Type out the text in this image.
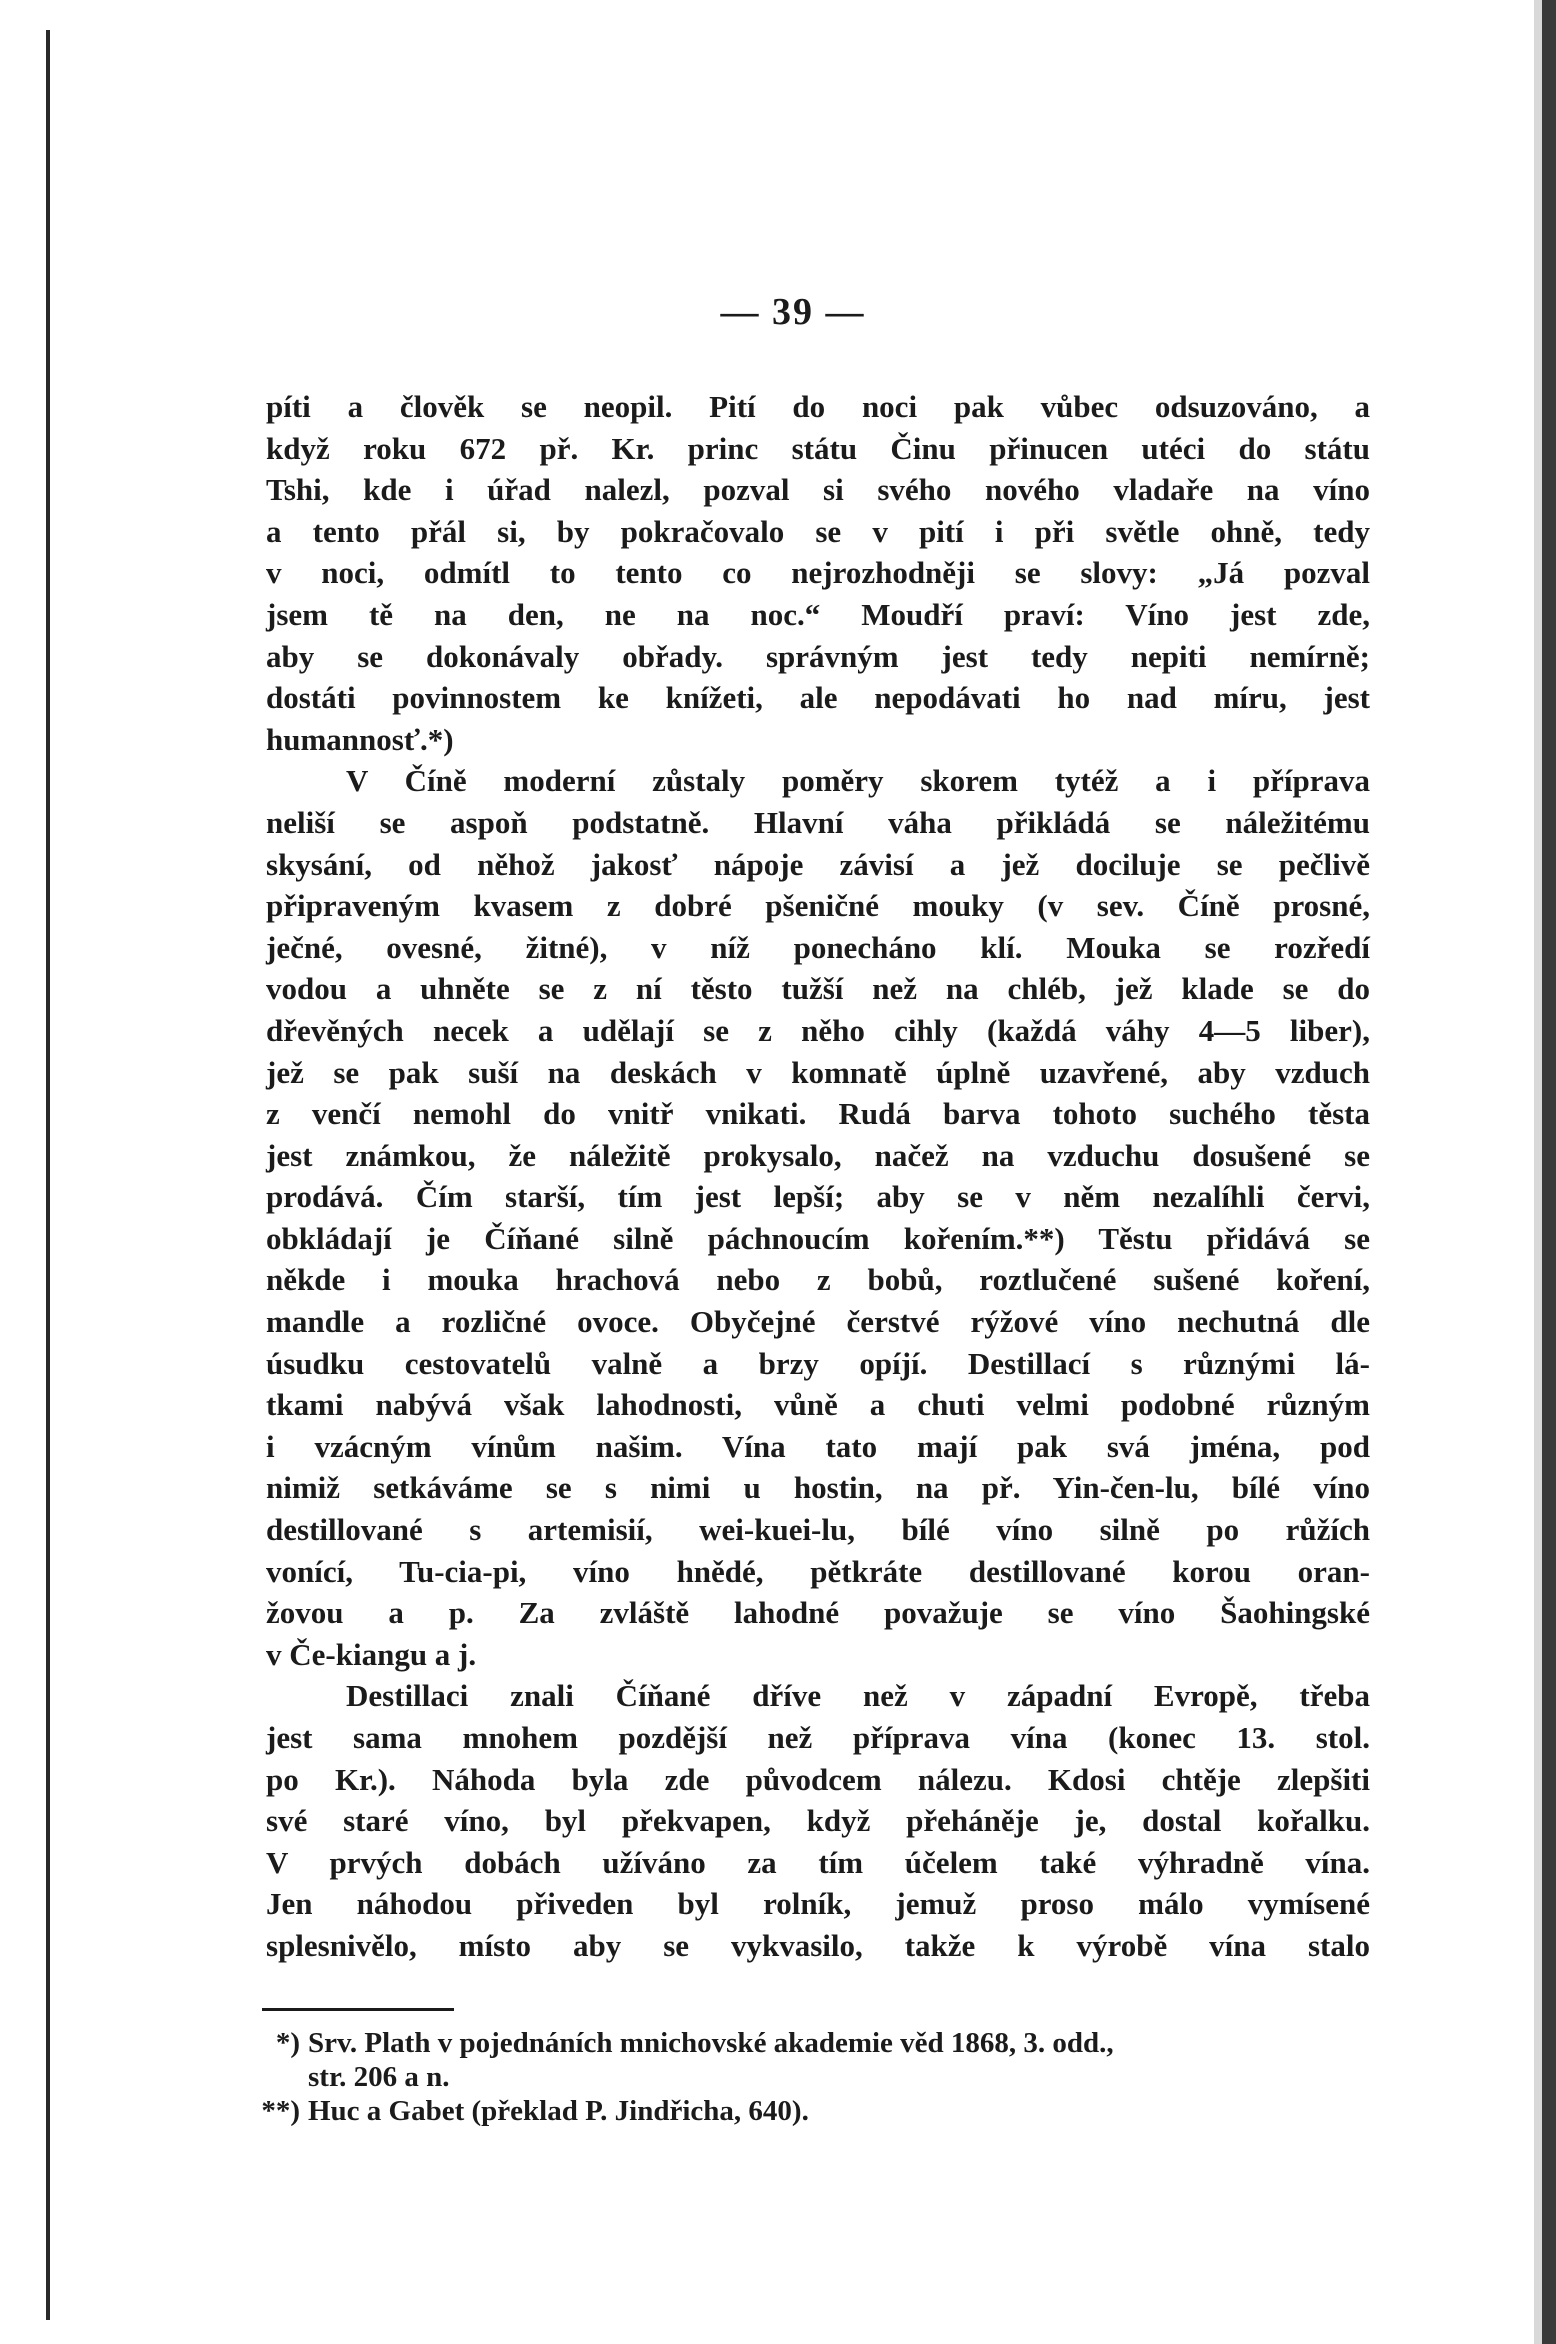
— 39 —
píti a člověk se neopil. Pití do noci pak vůbec odsuzováno, a
když roku 672 př. Kr. princ státu Činu přinucen utéci do státu
Tshi, kde i úřad nalezl, pozval si svého nového vladaře na víno
a tento přál si, by pokračovalo se v pití i při světle ohně, tedy
v noci, odmítl to tento co nejrozhodněji se slovy: „Já pozval
jsem tě na den, ne na noc.“ Moudří praví: Víno jest zde,
aby se dokonávaly obřady. správným jest tedy nepiti nemírně;
dostáti povinnostem ke knížeti, ale nepodávati ho nad míru, jest
humannosť.*)
V Číně moderní zůstaly poměry skorem tytéž a i příprava
neliší se aspoň podstatně. Hlavní váha přikládá se náležitému
skysání, od něhož jakosť nápoje závisí a jež dociluje se pečlivě
připraveným kvasem z dobré pšeničné mouky (v sev. Číně prosné,
ječné, ovesné, žitné), v níž ponecháno klí. Mouka se rozředí
vodou a uhněte se z ní těsto tužší než na chléb, jež klade se do
dřevěných necek a udělají se z něho cihly (každá váhy 4—5 liber),
jež se pak suší na deskách v komnatě úplně uzavřené, aby vzduch
z venčí nemohl do vnitř vnikati. Rudá barva tohoto suchého těsta
jest známkou, že náležitě prokysalo, načež na vzduchu dosušené se
prodává. Čím starší, tím jest lepší; aby se v něm nezalíhli červi,
obkládají je Číňané silně páchnoucím kořením.**) Těstu přidává se
někde i mouka hrachová nebo z bobů, roztlučené sušené koření,
mandle a rozličné ovoce. Obyčejné čerstvé rýžové víno nechutná dle
úsudku cestovatelů valně a brzy opíjí. Destillací s různými lá-
tkami nabývá však lahodnosti, vůně a chuti velmi podobné různým
i vzácným vínům našim. Vína tato mají pak svá jména, pod
nimiž setkáváme se s nimi u hostin, na př. Yin-čen-lu, bílé víno
destillované s artemisií, wei-kuei-lu, bílé víno silně po růžích
vonící, Tu-cia-pi, víno hnědé, pětkráte destillované korou oran-
žovou a p. Za zvláště lahodné považuje se víno Šaohingské
v Če-kiangu a j.
Destillaci znali Číňané dříve než v západní Evropě, třeba
jest sama mnohem pozdější než příprava vína (konec 13. stol.
po Kr.). Náhoda byla zde původcem nálezu. Kdosi chtěje zlepšiti
své staré víno, byl překvapen, když přeháněje je, dostal kořalku.
V prvých dobách užíváno za tím účelem také výhradně vína.
Jen náhodou přiveden byl rolník, jemuž proso málo vymísené
splesnivělo, místo aby se vykvasilo, takže k výrobě vína stalo
*) Srv. Plath v pojednáních mnichovské akademie věd 1868, 3. odd.,
str. 206 a n.
**) Huc a Gabet (překlad P. Jindřicha, 640).
